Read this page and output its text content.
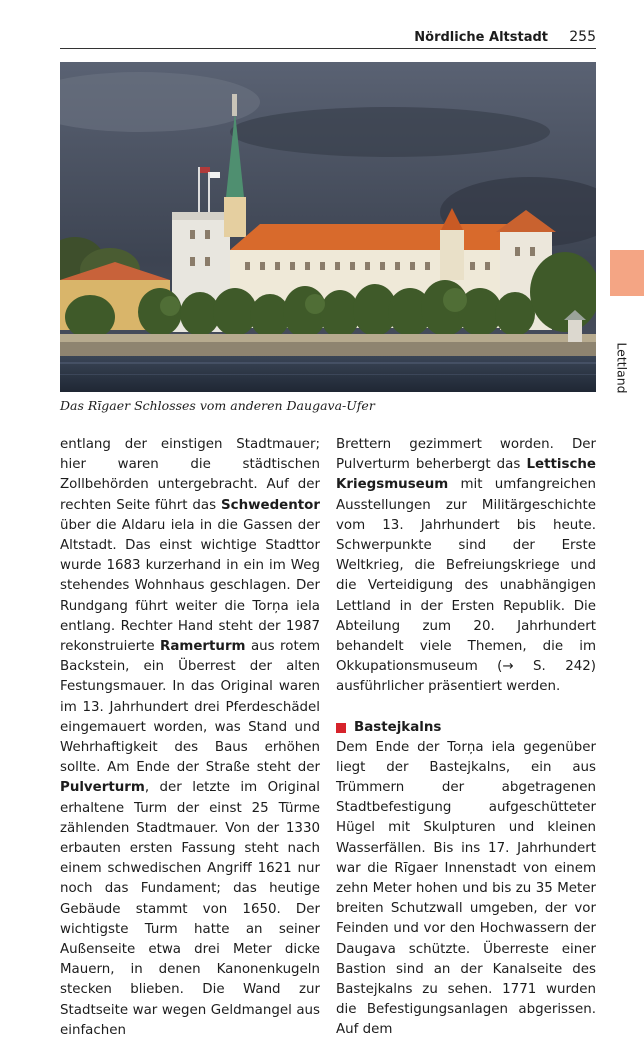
Nördliche Altstadt 255
Das Rīgaer Schlosses vom anderen Daugava-Ufer
Lettland

entlang der einstigen Stadtmauer; hier waren die städtischen Zollbehörden untergebracht. Auf der rechten Seite führt das Schwedentor über die Aldaru iela in die Gassen der Altstadt. Das einst wichtige Stadttor wurde 1683 kurzerhand in ein im Weg stehendes Wohnhaus geschlagen. Der Rundgang führt weiter die Torņa iela entlang. Rechter Hand steht der 1987 rekonstruierte Ramerturm aus rotem Backstein, ein Überrest der alten Festungsmauer. In das Original waren im 13. Jahrhundert drei Pferdeschädel eingemauert worden, was Stand und Wehrhaftigkeit des Baus erhöhen sollte. Am Ende der Straße steht der Pulverturm, der letzte im Original erhaltene Turm der einst 25 Türme zählenden Stadtmauer. Von der 1330 erbauten ersten Fassung steht nach einem schwedischen Angriff 1621 nur noch das Fundament; das heutige Gebäude stammt von 1650. Der wichtigste Turm hatte an seiner Außenseite etwa drei Meter dicke Mauern, in denen Kanonenkugeln stecken blieben. Die Wand zur Stadtseite war wegen Geldmangel aus einfachen

Brettern gezimmert worden. Der Pulverturm beherbergt das Lettische Kriegsmuseum mit umfangreichen Ausstellungen zur Militärgeschichte vom 13. Jahrhundert bis heute. Schwerpunkte sind der Erste Weltkrieg, die Befreiungskriege und die Verteidigung des unabhängigen Lettland in der Ersten Republik. Die Abteilung zum 20. Jahrhundert behandelt viele Themen, die im Okkupationsmuseum (→ S. 242) ausführlicher präsentiert werden.

Bastejkalns

Dem Ende der Torņa iela gegenüber liegt der Bastejkalns, ein aus Trümmern der abgetragenen Stadtbefestigung aufgeschütteter Hügel mit Skulpturen und kleinen Wasserfällen. Bis ins 17. Jahrhundert war die Rīgaer Innenstadt von einem zehn Meter hohen und bis zu 35 Meter breiten Schutzwall umgeben, der vor Feinden und vor den Hochwassern der Daugava schützte. Überreste einer Bastion sind an der Kanalseite des Bastejkalns zu sehen. 1771 wurden die Befestigungsanlagen abgerissen. Auf dem
